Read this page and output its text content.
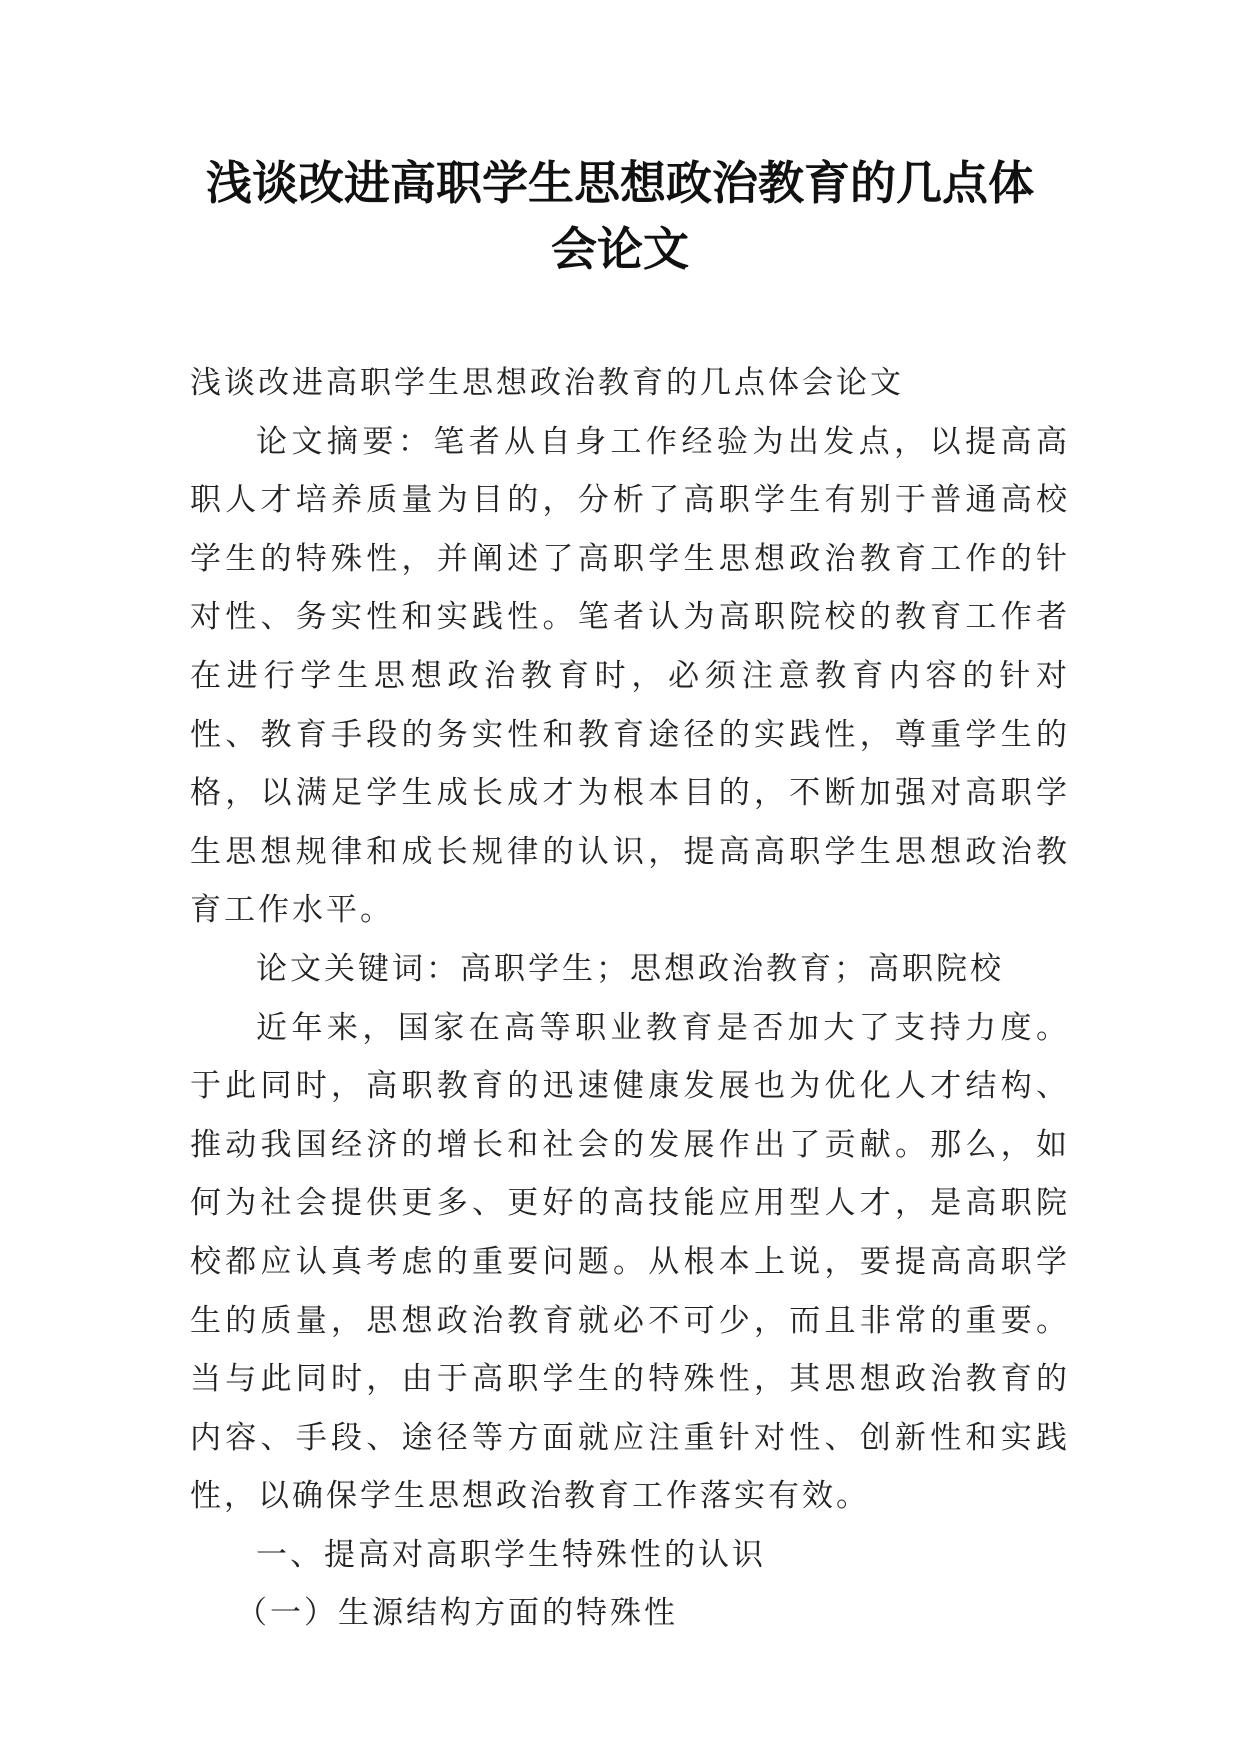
浅谈改进高职学生思想政治教育的几点体
会论文

浅谈改进高职学生思想政治教育的几点体会论文

论文摘要：笔者从自身工作经验为出发点，以提高高职人才培养质量为目的，分析了高职学生有别于普通高校学生的特殊性，并阐述了高职学生思想政治教育工作的针对性、务实性和实践性。笔者认为高职院校的教育工作者在进行学生思想政治教育时，必须注意教育内容的针对性、教育手段的务实性和教育途径的实践性，尊重学生的格，以满足学生成长成才为根本目的，不断加强对高职学生思想规律和成长规律的认识，提高高职学生思想政治教育工作水平。

论文关键词：高职学生；思想政治教育；高职院校

近年来，国家在高等职业教育是否加大了支持力度。于此同时，高职教育的迅速健康发展也为优化人才结构、推动我国经济的增长和社会的发展作出了贡献。那么，如何为社会提供更多、更好的高技能应用型人才，是高职院校都应认真考虑的重要问题。从根本上说，要提高高职学生的质量，思想政治教育就必不可少，而且非常的重要。当与此同时，由于高职学生的特殊性，其思想政治教育的内容、手段、途径等方面就应注重针对性、创新性和实践性，以确保学生思想政治教育工作落实有效。

一、提高对高职学生特殊性的认识

（一）生源结构方面的特殊性
